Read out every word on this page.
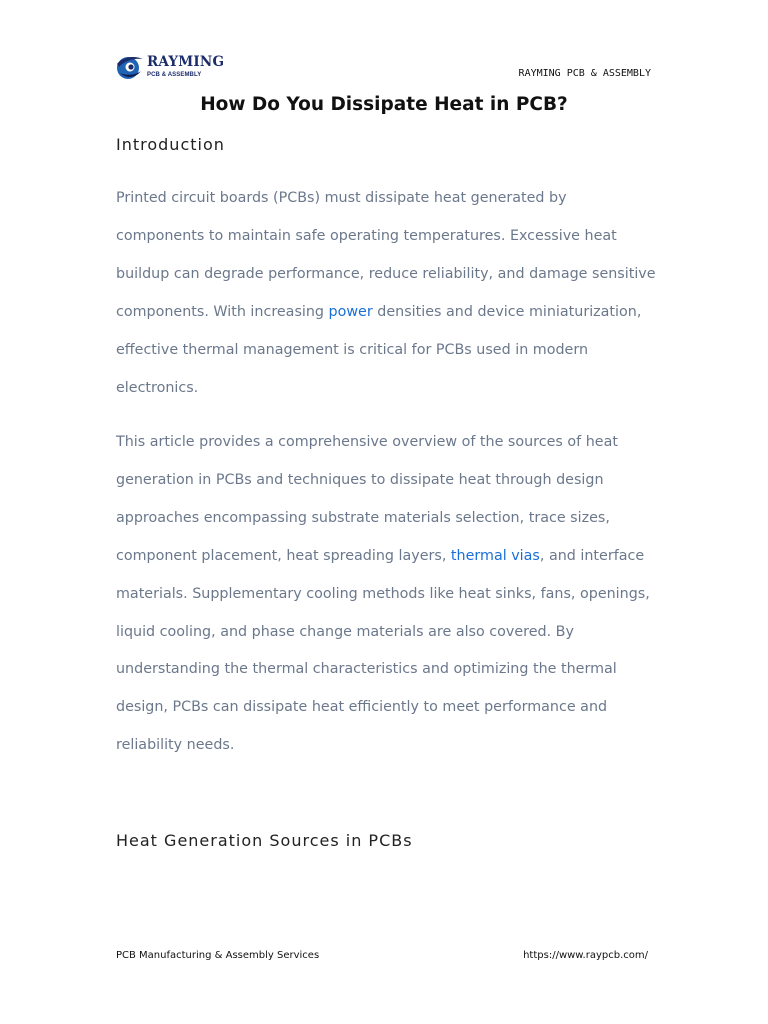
RAYMING
PCB & ASSEMBLY	RAYMING PCB & ASSEMBLY
How Do You Dissipate Heat in PCB?
Introduction

Printed circuit boards (PCBs) must dissipate heat generated by components to maintain safe operating temperatures. Excessive heat buildup can degrade performance, reduce reliability, and damage sensitive components. With increasing power densities and device miniaturization, effective thermal management is critical for PCBs used in modern electronics.

This article provides a comprehensive overview of the sources of heat generation in PCBs and techniques to dissipate heat through design approaches encompassing substrate materials selection, trace sizes, component placement, heat spreading layers, thermal vias, and interface materials. Supplementary cooling methods like heat sinks, fans, openings, liquid cooling, and phase change materials are also covered. By understanding the thermal characteristics and optimizing the thermal design, PCBs can dissipate heat efficiently to meet performance and reliability needs.

Heat Generation Sources in PCBs
PCB Manufacturing & Assembly Services	https://www.raypcb.com/
